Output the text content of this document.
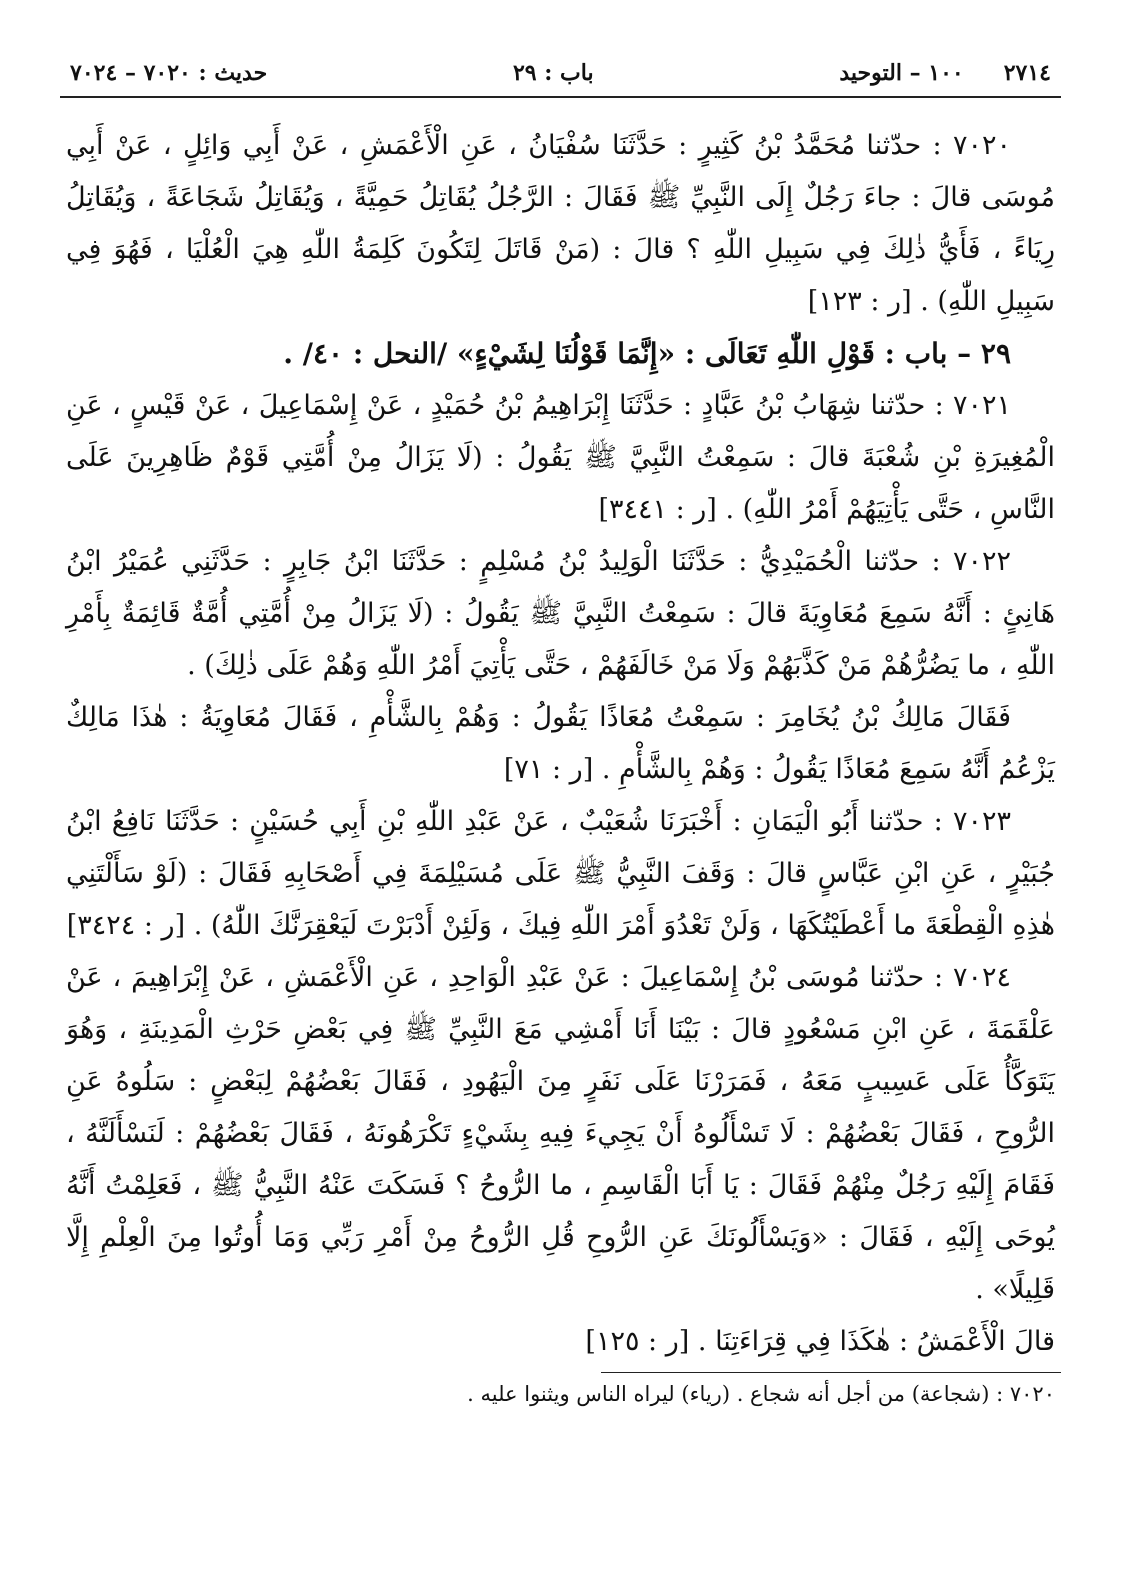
٢٧١٤
١٠٠ – التوحيد
باب : ٢٩
حديث : ٧٠٢٠ – ٧٠٢٤

٧٠٢٠ : حدّثنا مُحَمَّدُ بْنُ كَثِيرٍ : حَدَّثَنَا سُفْيَانُ ، عَنِ الْأَعْمَشِ ، عَنْ أَبِي وَائِلٍ ، عَنْ أَبِي مُوسَى قالَ : جاءَ رَجُلٌ إِلَى النَّبِيِّ ﷺ فَقَالَ : الرَّجُلُ يُقَاتِلُ حَمِيَّةً ، وَيُقَاتِلُ شَجَاعَةً ، وَيُقَاتِلُ رِيَاءً ، فَأَيُّ ذٰلِكَ فِي سَبِيلِ اللّٰهِ ؟ قالَ : (مَنْ قَاتَلَ لِتَكُونَ كَلِمَةُ اللّٰهِ هِيَ الْعُلْيَا ، فَهُوَ فِي سَبِيلِ اللّٰهِ) . [ر : ١٢٣]

٢٩ – باب : قَوْلِ اللّٰهِ تَعَالَى : «إِنَّمَا قَوْلُنَا لِشَيْءٍ» /النحل : ٤٠/ .

٧٠٢١ : حدّثنا شِهَابُ بْنُ عَبَّادٍ : حَدَّثَنَا إِبْرَاهِيمُ بْنُ حُمَيْدٍ ، عَنْ إِسْمَاعِيلَ ، عَنْ قَيْسٍ ، عَنِ الْمُغِيرَةِ بْنِ شُعْبَةَ قالَ : سَمِعْتُ النَّبِيَّ ﷺ يَقُولُ : (لَا يَزَالُ مِنْ أُمَّتِي قَوْمٌ ظَاهِرِينَ عَلَى النَّاسِ ، حَتَّى يَأْتِيَهُمْ أَمْرُ اللّٰهِ) . [ر : ٣٤٤١]

٧٠٢٢ : حدّثنا الْحُمَيْدِيُّ : حَدَّثَنَا الْوَلِيدُ بْنُ مُسْلِمٍ : حَدَّثَنَا ابْنُ جَابِرٍ : حَدَّثَنِي عُمَيْرُ ابْنُ هَانِئٍ : أَنَّهُ سَمِعَ مُعَاوِيَةَ قالَ : سَمِعْتُ النَّبِيَّ ﷺ يَقُولُ : (لَا يَزَالُ مِنْ أُمَّتِي أُمَّةٌ قَائِمَةٌ بِأَمْرِ اللّٰهِ ، ما يَضُرُّهُمْ مَنْ كَذَّبَهُمْ وَلَا مَنْ خَالَفَهُمْ ، حَتَّى يَأْتِيَ أَمْرُ اللّٰهِ وَهُمْ عَلَى ذٰلِكَ) .
فَقَالَ مَالِكُ بْنُ يُخَامِرَ : سَمِعْتُ مُعَاذًا يَقُولُ : وَهُمْ بِالشَّأْمِ ، فَقَالَ مُعَاوِيَةُ : هٰذَا مَالِكٌ يَزْعُمُ أَنَّهُ سَمِعَ مُعَاذًا يَقُولُ : وَهُمْ بِالشَّأْمِ . [ر : ٧١]

٧٠٢٣ : حدّثنا أَبُو الْيَمَانِ : أَخْبَرَنَا شُعَيْبٌ ، عَنْ عَبْدِ اللّٰهِ بْنِ أَبِي حُسَيْنٍ : حَدَّثَنَا نَافِعُ ابْنُ جُبَيْرٍ ، عَنِ ابْنِ عَبَّاسٍ قالَ : وَقَفَ النَّبِيُّ ﷺ عَلَى مُسَيْلِمَةَ فِي أَصْحَابِهِ فَقَالَ : (لَوْ سَأَلْتَنِي هٰذِهِ الْقِطْعَةَ ما أَعْطَيْتُكَهَا ، وَلَنْ تَعْدُوَ أَمْرَ اللّٰهِ فِيكَ ، وَلَئِنْ أَدْبَرْتَ لَيَعْقِرَنَّكَ اللّٰهُ) . [ر : ٣٤٢٤]

٧٠٢٤ : حدّثنا مُوسَى بْنُ إِسْمَاعِيلَ : عَنْ عَبْدِ الْوَاحِدِ ، عَنِ الْأَعْمَشِ ، عَنْ إِبْرَاهِيمَ ، عَنْ عَلْقَمَةَ ، عَنِ ابْنِ مَسْعُودٍ قالَ : بَيْنَا أَنَا أَمْشِي مَعَ النَّبِيِّ ﷺ فِي بَعْضِ حَرْثِ الْمَدِينَةِ ، وَهُوَ يَتَوَكَّأُ عَلَى عَسِيبٍ مَعَهُ ، فَمَرَرْنَا عَلَى نَفَرٍ مِنَ الْيَهُودِ ، فَقَالَ بَعْضُهُمْ لِبَعْضٍ : سَلُوهُ عَنِ الرُّوحِ ، فَقَالَ بَعْضُهُمْ : لَا تَسْأَلُوهُ أَنْ يَجِيءَ فِيهِ بِشَيْءٍ تَكْرَهُونَهُ ، فَقَالَ بَعْضُهُمْ : لَنَسْأَلَنَّهُ ، فَقَامَ إِلَيْهِ رَجُلٌ مِنْهُمْ فَقَالَ : يَا أَبَا الْقَاسِمِ ، ما الرُّوحُ ؟ فَسَكَتَ عَنْهُ النَّبِيُّ ﷺ ، فَعَلِمْتُ أَنَّهُ يُوحَى إِلَيْهِ ، فَقَالَ : «وَيَسْأَلُونَكَ عَنِ الرُّوحِ قُلِ الرُّوحُ مِنْ أَمْرِ رَبِّي وَمَا أُوتُوا مِنَ الْعِلْمِ إِلَّا قَلِيلًا» .
قالَ الْأَعْمَشُ : هٰكَذَا فِي قِرَاءَتِنَا . [ر : ١٢٥]

٧٠٢٠ : (شجاعة) من أجل أنه شجاع . (رياء) ليراه الناس ويثنوا عليه .
